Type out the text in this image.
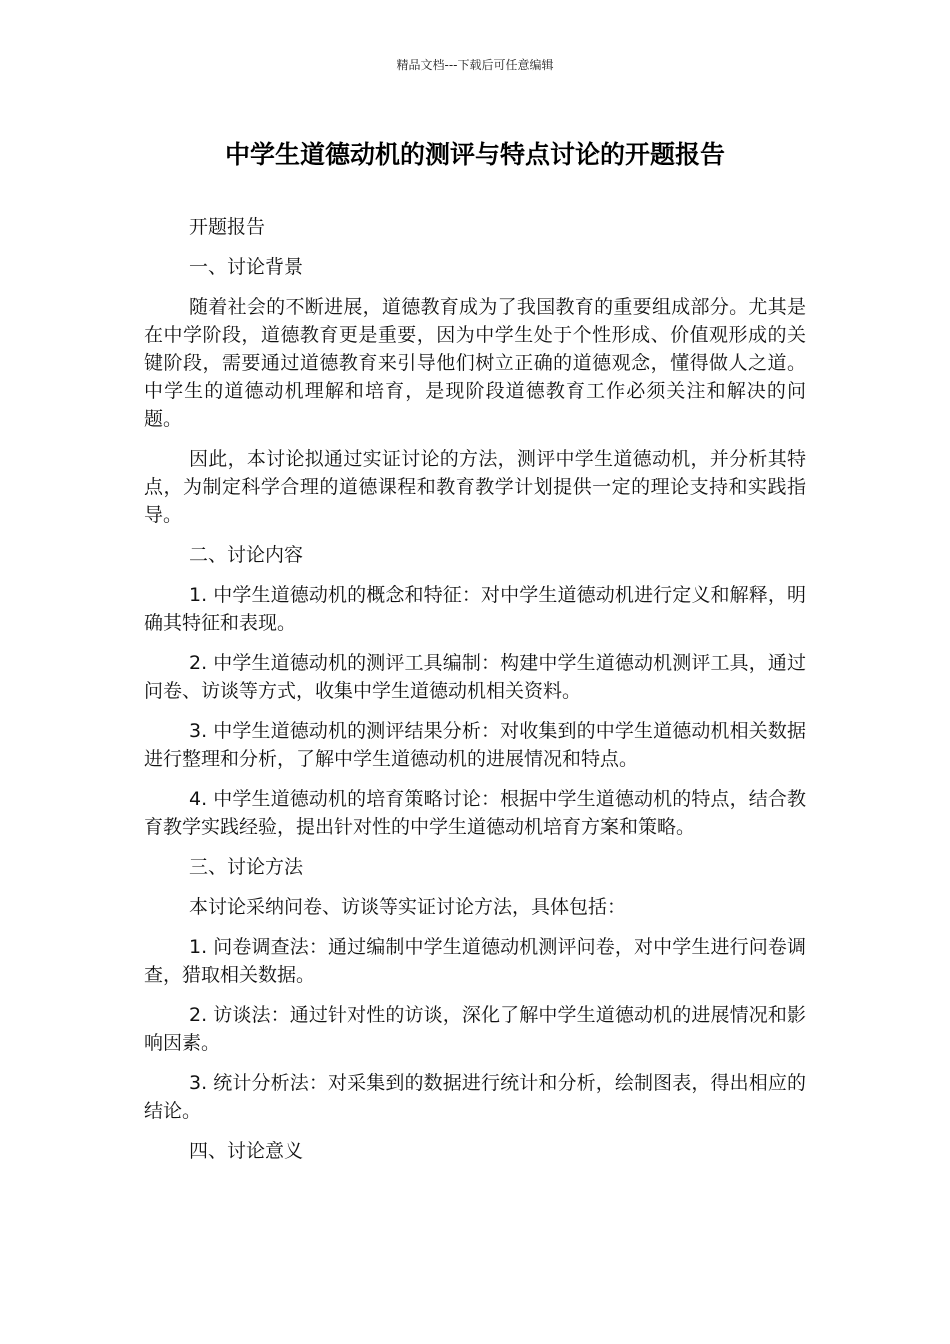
精品文档---下载后可任意编辑
中学生道德动机的测评与特点讨论的开题报告

开题报告

一、讨论背景

随着社会的不断进展，道德教育成为了我国教育的重要组成部分。尤其是在中学阶段，道德教育更是重要，因为中学生处于个性形成、价值观形成的关键阶段，需要通过道德教育来引导他们树立正确的道德观念，懂得做人之道。中学生的道德动机理解和培育，是现阶段道德教育工作必须关注和解决的问题。

因此，本讨论拟通过实证讨论的方法，测评中学生道德动机，并分析其特点，为制定科学合理的道德课程和教育教学计划提供一定的理论支持和实践指导。

二、讨论内容

1. 中学生道德动机的概念和特征：对中学生道德动机进行定义和解释，明确其特征和表现。

2. 中学生道德动机的测评工具编制：构建中学生道德动机测评工具，通过问卷、访谈等方式，收集中学生道德动机相关资料。

3. 中学生道德动机的测评结果分析：对收集到的中学生道德动机相关数据进行整理和分析，了解中学生道德动机的进展情况和特点。

4. 中学生道德动机的培育策略讨论：根据中学生道德动机的特点，结合教育教学实践经验，提出针对性的中学生道德动机培育方案和策略。

三、讨论方法

本讨论采纳问卷、访谈等实证讨论方法，具体包括：

1. 问卷调查法：通过编制中学生道德动机测评问卷，对中学生进行问卷调查，猎取相关数据。

2. 访谈法：通过针对性的访谈，深化了解中学生道德动机的进展情况和影响因素。

3. 统计分析法：对采集到的数据进行统计和分析，绘制图表，得出相应的结论。

四、讨论意义
